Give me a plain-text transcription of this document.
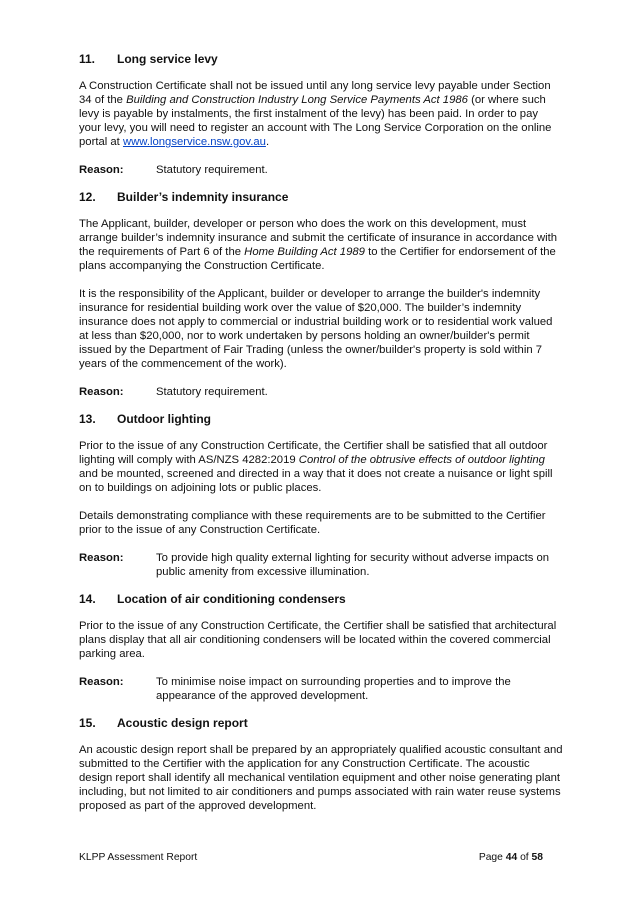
11.	Long service levy

A Construction Certificate shall not be issued until any long service levy payable under Section 34 of the Building and Construction Industry Long Service Payments Act 1986 (or where such levy is payable by instalments, the first instalment of the levy) has been paid. In order to pay your levy, you will need to register an account with The Long Service Corporation on the online portal at www.longservice.nsw.gov.au.

Reason:	Statutory requirement.
12.	Builder’s indemnity insurance

The Applicant, builder, developer or person who does the work on this development, must arrange builder’s indemnity insurance and submit the certificate of insurance in accordance with the requirements of Part 6 of the Home Building Act 1989 to the Certifier for endorsement of the plans accompanying the Construction Certificate.

It is the responsibility of the Applicant, builder or developer to arrange the builder's indemnity insurance for residential building work over the value of $20,000. The builder’s indemnity insurance does not apply to commercial or industrial building work or to residential work valued at less than $20,000, nor to work undertaken by persons holding an owner/builder's permit issued by the Department of Fair Trading (unless the owner/builder's property is sold within 7 years of the commencement of the work).

Reason:	Statutory requirement.
13.	Outdoor lighting

Prior to the issue of any Construction Certificate, the Certifier shall be satisfied that all outdoor lighting will comply with AS/NZS 4282:2019 Control of the obtrusive effects of outdoor lighting and be mounted, screened and directed in a way that it does not create a nuisance or light spill on to buildings on adjoining lots or public places.

Details demonstrating compliance with these requirements are to be submitted to the Certifier prior to the issue of any Construction Certificate.

Reason:	To provide high quality external lighting for security without adverse impacts on public amenity from excessive illumination.
14.	Location of air conditioning condensers

Prior to the issue of any Construction Certificate, the Certifier shall be satisfied that architectural plans display that all air conditioning condensers will be located within the covered commercial parking area.

Reason:	To minimise noise impact on surrounding properties and to improve the appearance of the approved development.
15.	Acoustic design report

An acoustic design report shall be prepared by an appropriately qualified acoustic consultant and submitted to the Certifier with the application for any Construction Certificate. The acoustic design report shall identify all mechanical ventilation equipment and other noise generating plant including, but not limited to air conditioners and pumps associated with rain water reuse systems proposed as part of the approved development.

KLPP Assessment Report	Page 44 of 58
